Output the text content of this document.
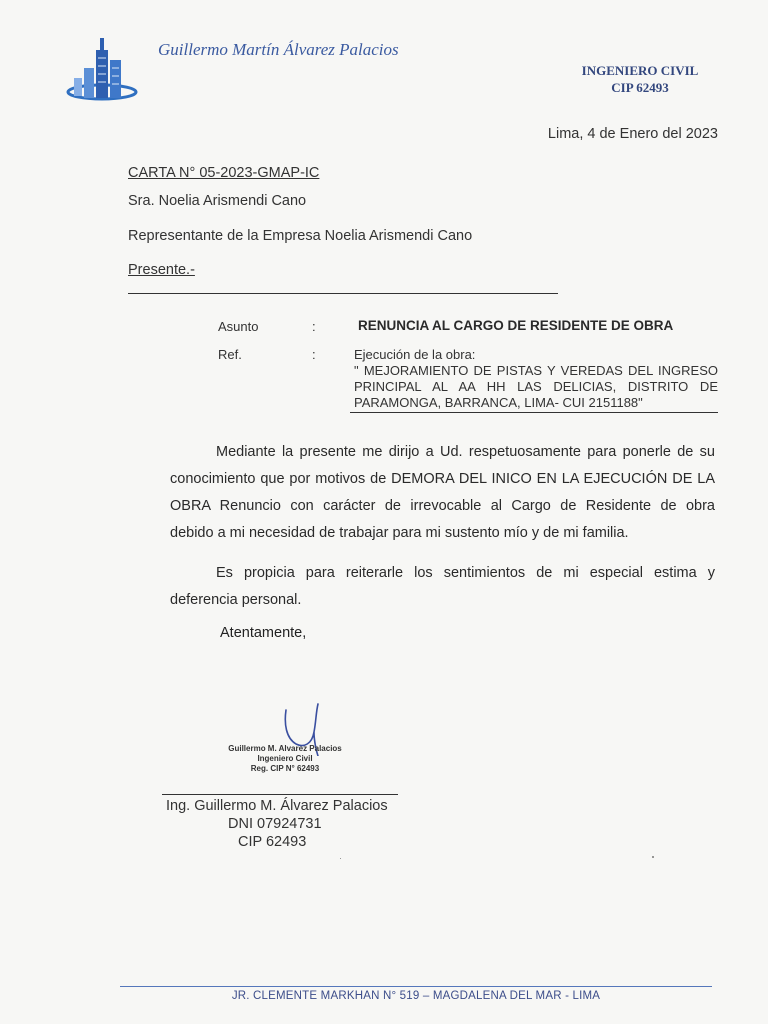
Guillermo Martín Álvarez Palacios
INGENIERO CIVIL
CIP 62493
Lima, 4 de Enero del 2023
CARTA N° 05-2023-GMAP-IC
Sra. Noelia Arismendi Cano
Representante de la Empresa Noelia Arismendi Cano
Presente.-
Asunto	:	RENUNCIA AL CARGO DE RESIDENTE DE OBRA
Ref.	:	Ejecución de la obra:
" MEJORAMIENTO DE PISTAS Y VEREDAS DEL INGRESO
PRINCIPAL AL AA HH LAS DELICIAS, DISTRITO DE
PARAMONGA, BARRANCA, LIMA- CUI 2151188"
Mediante la presente me dirijo a Ud. respetuosamente para ponerle de su
conocimiento que por motivos de DEMORA DEL INICO EN LA EJECUCIÓN DE LA
OBRA Renuncio con carácter de irrevocable al Cargo de Residente de obra
debido a mi necesidad de trabajar para mi sustento mío y de mi familia.
Es propicia para reiterarle los sentimientos de mi especial estima y
deferencia personal.
Atentamente,
Guillermo M. Alvarez Palacios
Ingeniero Civil
Reg. CIP N° 62493
Ing. Guillermo M. Álvarez Palacios
DNI 07924731
CIP 62493
JR. CLEMENTE MARKHAN N° 519 – MAGDALENA DEL MAR - LIMA
